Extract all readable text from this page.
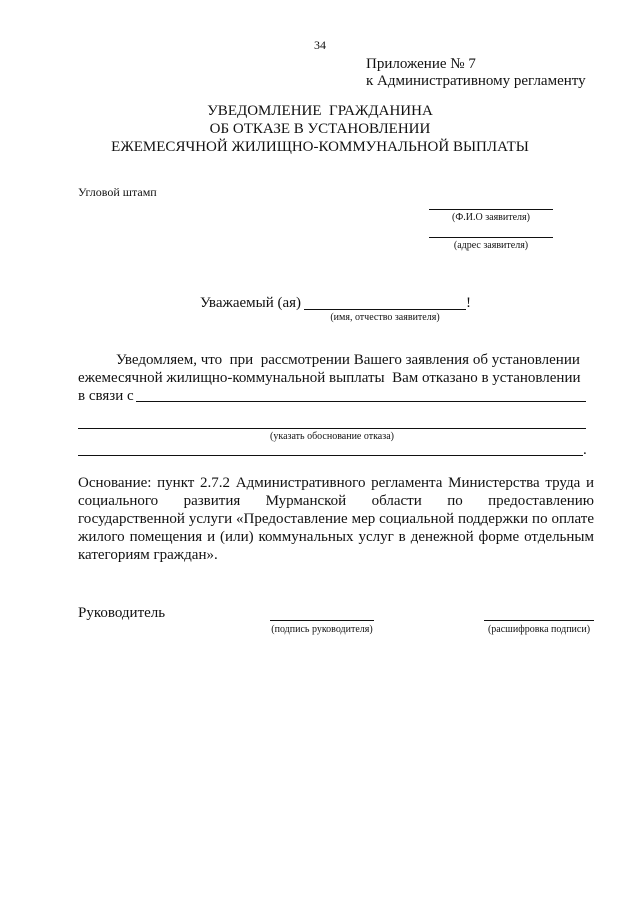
34
Приложение № 7
к Административному регламенту
УВЕДОМЛЕНИЕ  ГРАЖДАНИНА
ОБ ОТКАЗЕ В УСТАНОВЛЕНИИ
ЕЖЕМЕСЯЧНОЙ ЖИЛИЩНО-КОММУНАЛЬНОЙ ВЫПЛАТЫ
Угловой штамп
(Ф.И.О заявителя)
(адрес заявителя)
Уважаемый (ая)	!
(имя, отчество заявителя)
Уведомляем, что  при  рассмотрении Вашего заявления об установлении
ежемесячной жилищно-коммунальной выплаты  Вам отказано в установлении
в связи с
(указать обоснование отказа)
.
Основание: пункт 2.7.2 Административного регламента Министерства труда и социального развития Мурманской области по предоставлению государственной услуги «Предоставление мер социальной поддержки по оплате жилого помещения и (или) коммунальных услуг в денежной форме отдельным категориям граждан».
Руководитель
(подпись руководителя)	(расшифровка подписи)
